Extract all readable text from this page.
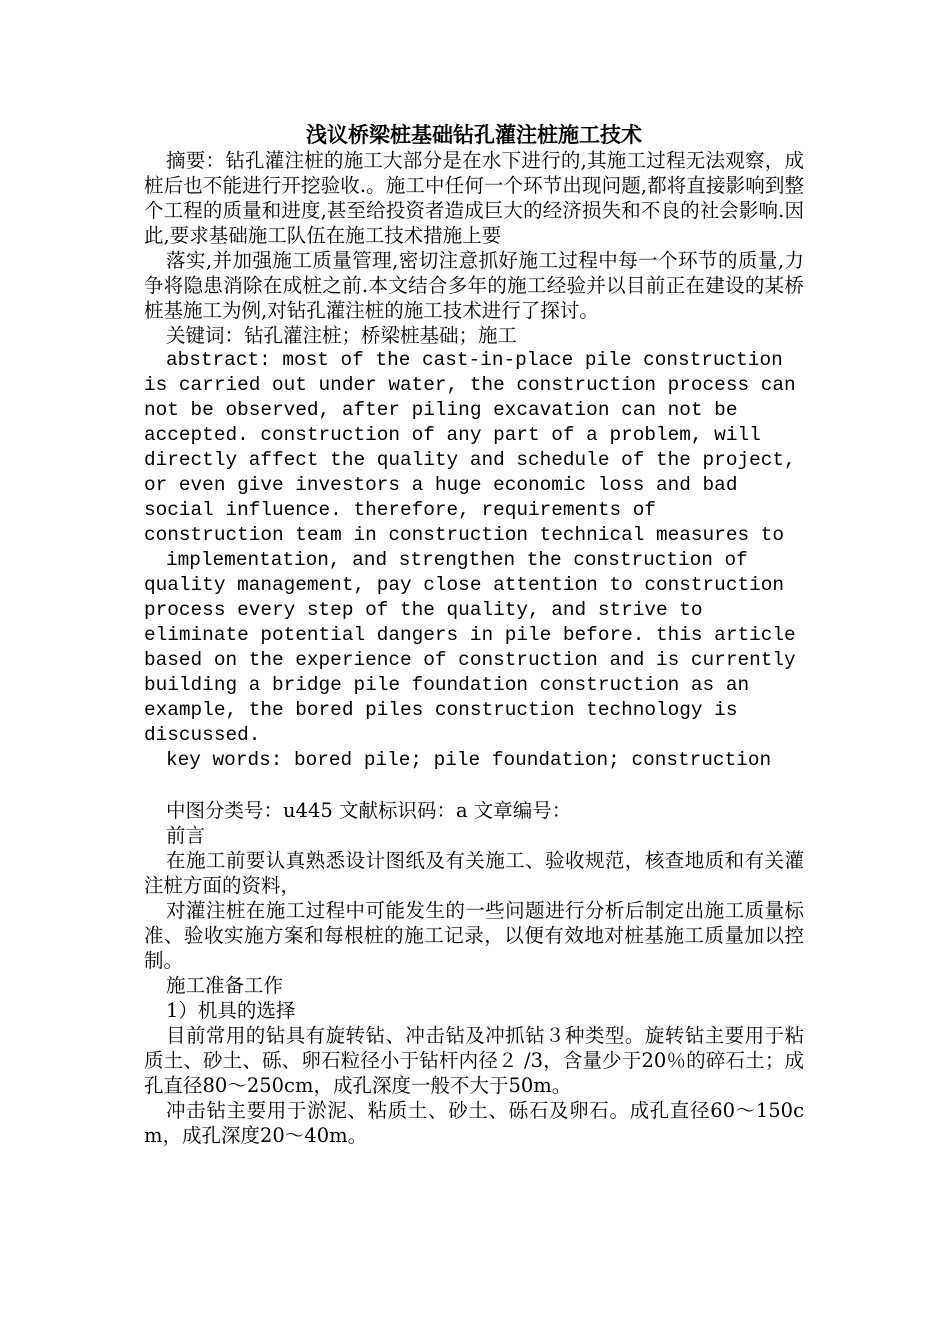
浅议桥梁桩基础钻孔灌注桩施工技术

摘要：钻孔灌注桩的施工大部分是在水下进行的,其施工过程无法观察，成桩后也不能进行开挖验收.。施工中任何一个环节出现问题,都将直接影响到整个工程的质量和进度,甚至给投资者造成巨大的经济损失和不良的社会影响.因此,要求基础施工队伍在施工技术措施上要

落实,并加强施工质量管理,密切注意抓好施工过程中每一个环节的质量,力争将隐患消除在成桩之前.本文结合多年的施工经验并以目前正在建设的某桥桩基施工为例,对钻孔灌注桩的施工技术进行了探讨。

关键词：钻孔灌注桩；桥梁桩基础；施工

abstract: most of the cast-in-place pile construction is carried out under water, the construction process can not be observed, after piling excavation can not be accepted. construction of any part of a problem, will directly affect the quality and schedule of the project, or even give investors a huge economic loss and bad social influence. therefore, requirements of construction team in construction technical measures to

implementation, and strengthen the construction of quality management, pay close attention to construction process every step of the quality, and strive to eliminate potential dangers in pile before. this article based on the experience of construction and is currently building a bridge pile foundation construction as an example, the bored piles construction technology is discussed.

key words: bored pile; pile foundation; construction

中图分类号：u445 文献标识码：a 文章编号：

前言

在施工前要认真熟悉设计图纸及有关施工、验收规范，核查地质和有关灌注桩方面的资料，

对灌注桩在施工过程中可能发生的一些问题进行分析后制定出施工质量标准、验收实施方案和每根桩的施工记录，以便有效地对桩基施工质量加以控制。

施工准备工作

1）机具的选择

目前常用的钻具有旋转钻、冲击钻及冲抓钻３种类型。旋转钻主要用于粘质土、砂土、砾、卵石粒径小于钻杆内径２ /3，含量少于20％的碎石土；成孔直径80～250cm，成孔深度一般不大于50m。

冲击钻主要用于淤泥、粘质土、砂土、砾石及卵石。成孔直径60～150cm，成孔深度20～40m。
